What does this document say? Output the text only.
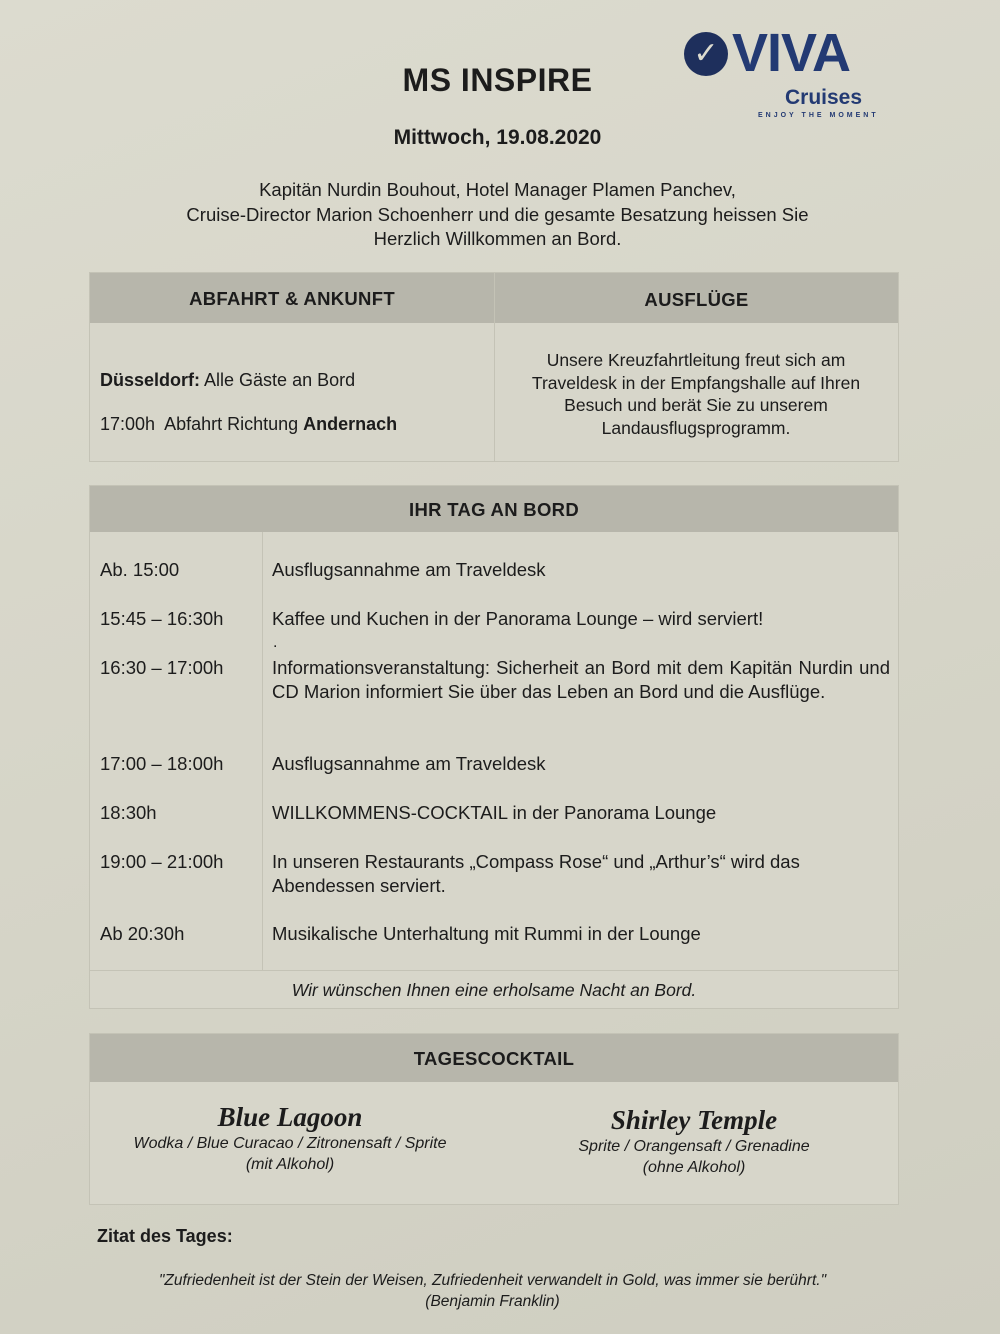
MS INSPIRE
Mittwoch, 19.08.2020
Kapitän Nurdin Bouhout, Hotel Manager Plamen Panchev,
Cruise-Director Marion Schoenherr und die gesamte Besatzung heissen Sie
Herzlich Willkommen an Bord.
✓ VIVA
Cruises
ENJOY THE MOMENT
ABFAHRT & ANKUNFT	AUSFLÜGE
Düsseldorf: Alle Gäste an Bord
17:00h  Abfahrt Richtung Andernach
Unsere Kreuzfahrtleitung freut sich am
Traveldesk in der Empfangshalle auf Ihren
Besuch und berät Sie zu unserem
Landausflugsprogramm.
IHR TAG AN BORD
Ab. 15:00	Ausflugsannahme am Traveldesk
15:45 – 16:30h	Kaffee und Kuchen in der Panorama Lounge – wird serviert!
.
16:30 – 17:00h	Informationsveranstaltung: Sicherheit an Bord mit dem Kapitän Nurdin und CD Marion informiert Sie über das Leben an Bord und die Ausflüge.
17:00 – 18:00h	Ausflugsannahme am Traveldesk
18:30h	WILLKOMMENS-COCKTAIL in der Panorama Lounge
19:00 – 21:00h	In unseren Restaurants „Compass Rose“ und „Arthur’s“ wird das Abendessen serviert.
Ab 20:30h	Musikalische Unterhaltung mit Rummi in der Lounge
Wir wünschen Ihnen eine erholsame Nacht an Bord.
TAGESCOCKTAIL
Blue Lagoon
Wodka / Blue Curacao / Zitronensaft / Sprite
(mit Alkohol)
Shirley Temple
Sprite / Orangensaft / Grenadine
(ohne Alkohol)
Zitat des Tages:
"Zufriedenheit ist der Stein der Weisen, Zufriedenheit verwandelt in Gold, was immer sie berührt."
(Benjamin Franklin)
